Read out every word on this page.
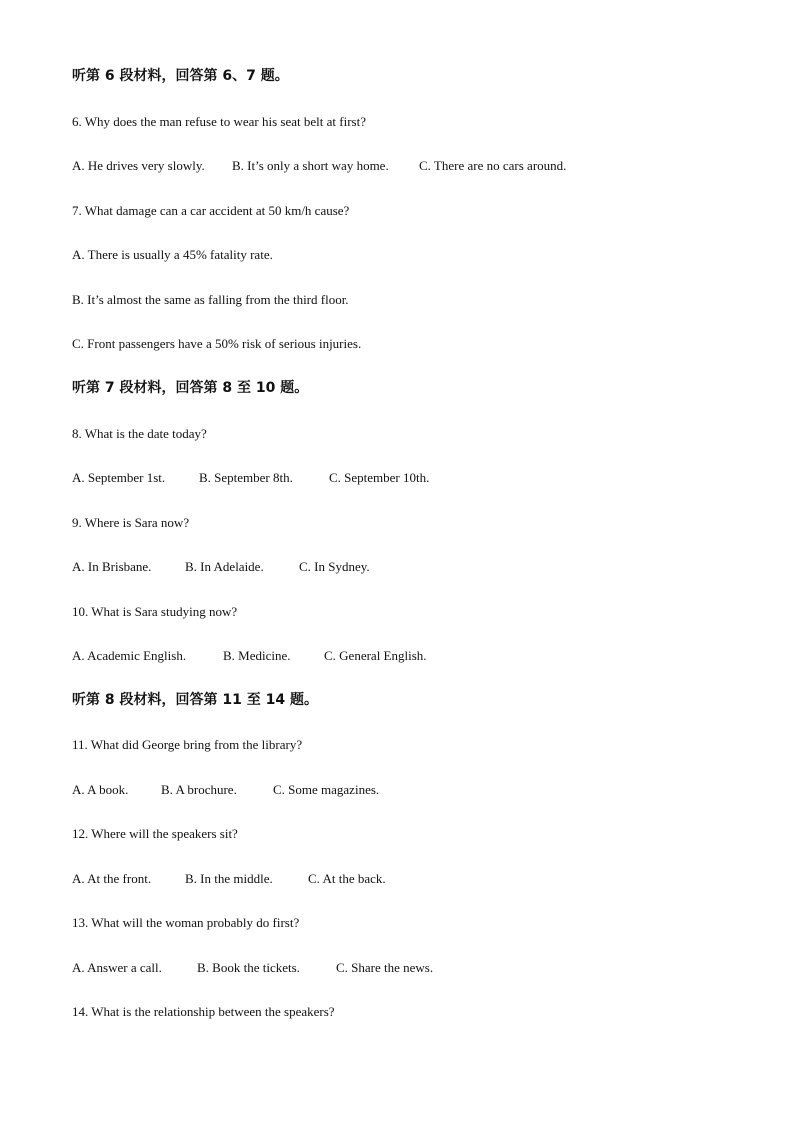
听第 6 段材料，回答第 6、7 题。
6. Why does the man refuse to wear his seat belt at first?
A. He drives very slowly. B. It’s only a short way home. C. There are no cars around.
7. What damage can a car accident at 50 km/h cause?
A. There is usually a 45% fatality rate.
B. It’s almost the same as falling from the third floor.
C. Front passengers have a 50% risk of serious injuries.
听第 7 段材料，回答第 8 至 10 题。
8. What is the date today?
A. September 1st.	B. September 8th.	C. September 10th.
9. Where is Sara now?
A. In Brisbane.	B. In Adelaide.	C. In Sydney.
10. What is Sara studying now?
A. Academic English.	B. Medicine.	C. General English.
听第 8 段材料，回答第 11 至 14 题。
11. What did George bring from the library?
A. A book.	B. A brochure.	C. Some magazines.
12. Where will the speakers sit?
A. At the front.	B. In the middle.	C. At the back.
13. What will the woman probably do first?
A. Answer a call.	B. Book the tickets.	C. Share the news.
14. What is the relationship between the speakers?
